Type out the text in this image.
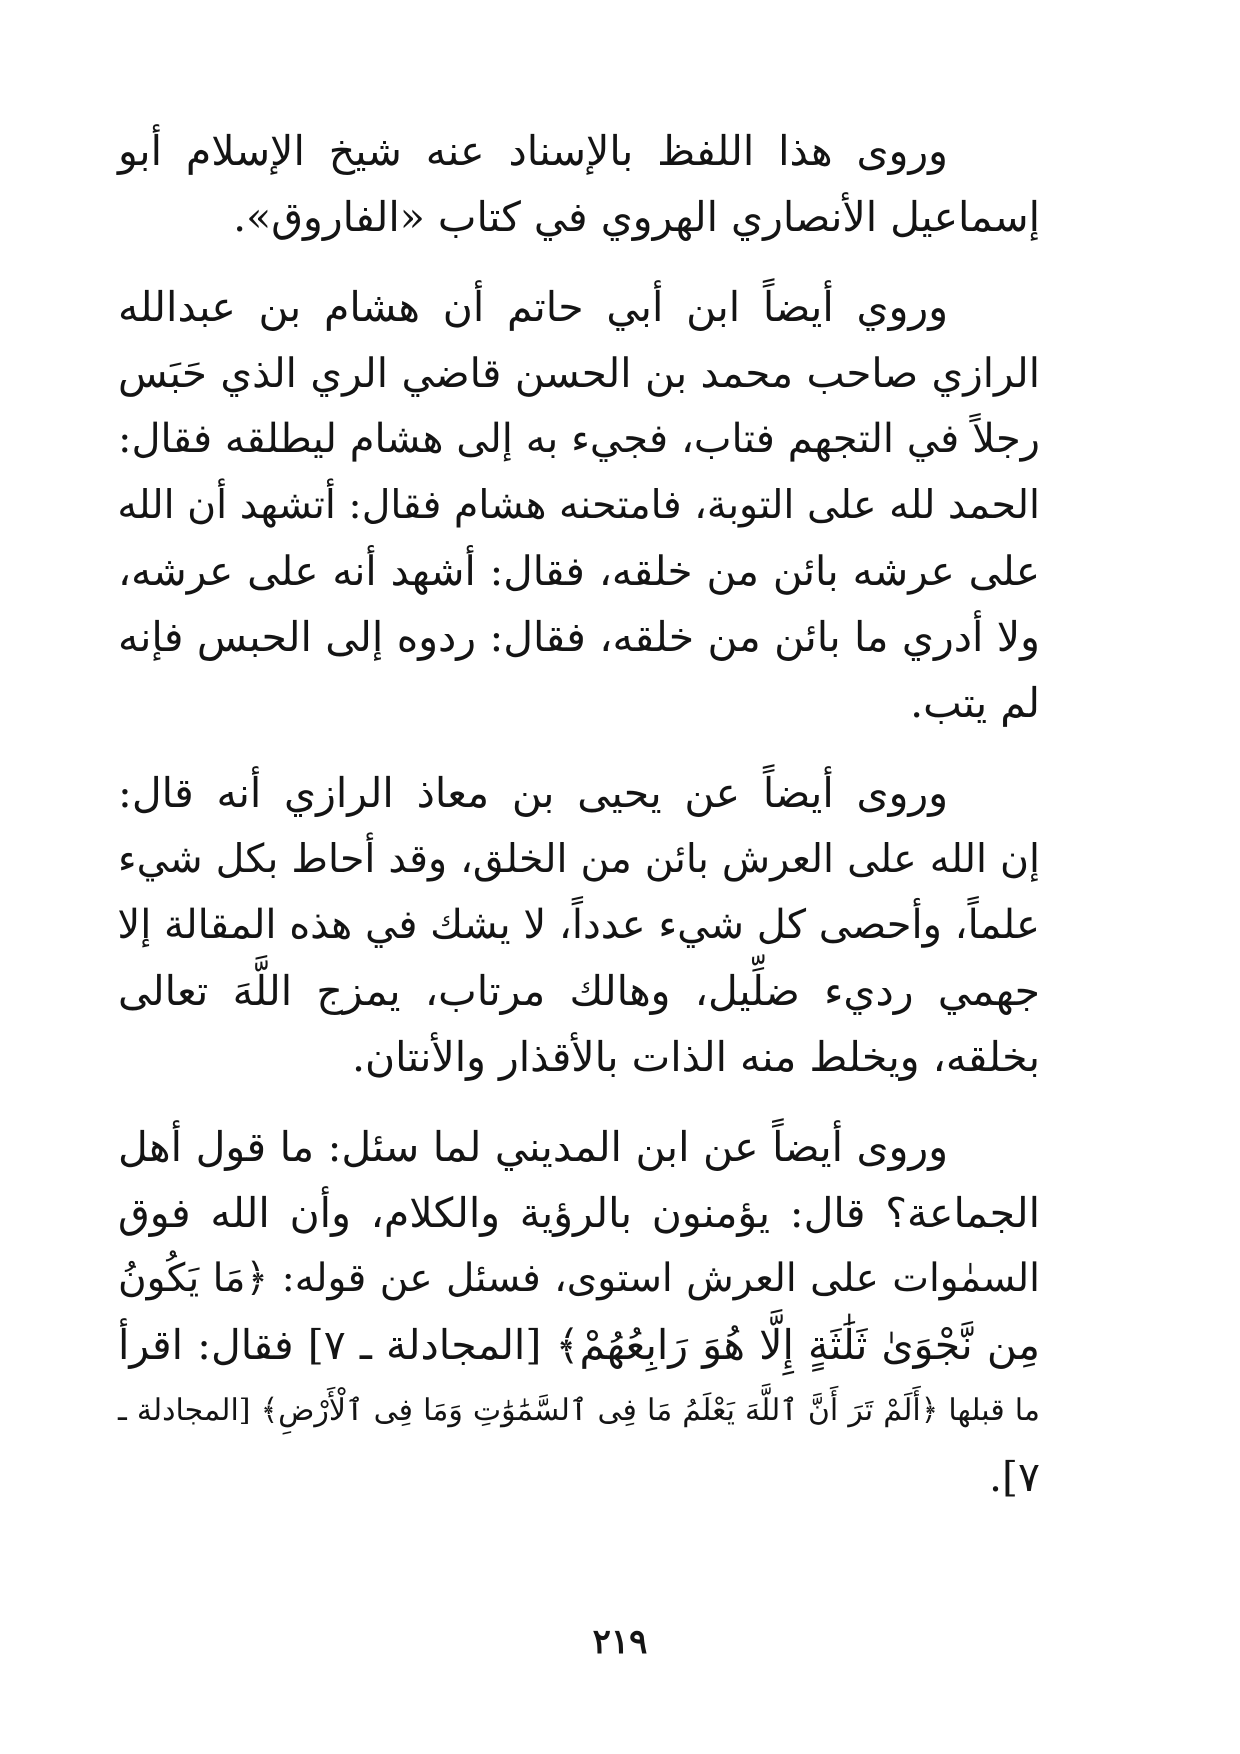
وروى هذا اللفظ بالإسناد عنه شيخ الإسلام أبو
إسماعيل الأنصاري الهروي في كتاب «الفاروق».

وروي أيضاً ابن أبي حاتم أن هشام بن عبدالله
الرازي صاحب محمد بن الحسن قاضي الري الذي حَبَس
رجلاً في التجهم فتاب، فجيء به إلى هشام ليطلقه فقال:
الحمد لله على التوبة، فامتحنه هشام فقال: أتشهد أن الله
على عرشه بائن من خلقه، فقال: أشهد أنه على عرشه،
ولا أدري ما بائن من خلقه، فقال: ردوه إلى الحبس فإنه
لم يتب.

وروى أيضاً عن يحيى بن معاذ الرازي أنه قال:
إن الله على العرش بائن من الخلق، وقد أحاط بكل شيء
علماً، وأحصى كل شيء عدداً، لا يشك في هذه المقالة إلا
جهمي رديء ضلِّيل، وهالك مرتاب، يمزج اللَّهَ تعالى
بخلقه، ويخلط منه الذات بالأقذار والأنتان.

وروى أيضاً عن ابن المديني لما سئل: ما قول أهل
الجماعة؟ قال: يؤمنون بالرؤية والكلام، وأن الله فوق
السمٰوات على العرش استوى، فسئل عن قوله: ﴿مَا يَكُونُ
مِن نَّجْوَىٰ ثَلَٰثَةٍ إِلَّا هُوَ رَابِعُهُمْ﴾ [المجادلة ـ ٧] فقال: اقرأ
ما قبلها ﴿أَلَمْ تَرَ أَنَّ ٱللَّهَ يَعْلَمُ مَا فِى ٱلسَّمَٰوَٰتِ وَمَا فِى ٱلْأَرْضِ﴾ [المجادلة ـ
٧].

٢١٩
